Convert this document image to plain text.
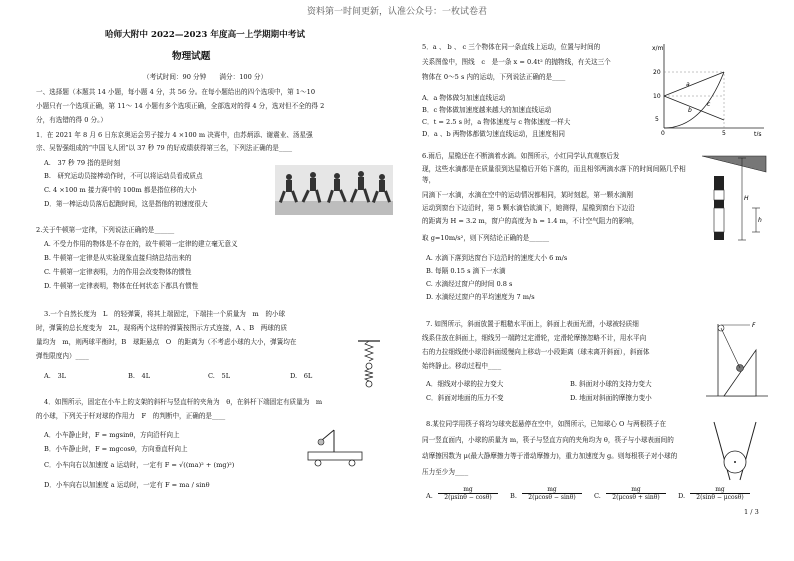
资料第一时间更新，认准公众号：一枚试卷君
哈师大附中 2022—2023 年度高一上学期期中考试
物理试题
（考试时间：90 分钟　　满分：100 分）
一、选择题（本题共 14 小题，每小题 4 分，共 56 分。在每小题给出的四个选项中，第 1～10
小题只有一个选项正确，第 11～ 14 小题有多个选项正确，全部选对的得 4 分，选对但不全的得 2
分，有选错的得 0 分。）
1．在 2021 年 8 月 6 日东京奥运会男子接力 4 ×100 m 决赛中，由苏炳添、谢震业、汤星强
宗、吴智强组成的“中国飞人团”以 37 秒 79 的好成绩获得第三名，下列法正确的是____
A.　37 秒 79 指的是时刻
B.　研究运动员接棒动作时，不可以将运动员看成质点
C. 4 ×100 m 接力赛中的 100m 都是指位移的大小
D．第一棒运动员落后起跑时间，这是指他的初速度很大
2.关于牛顿第一定律，下列说法正确的是______
A. 不受力作用的物体是不存在的，故牛顿第一定律的建立毫无意义
B. 牛顿第一定律是从实验现象直接归纳总结出来的
C. 牛顿第一定律表明，力的作用会改变物体的惯性
D. 牛顿第一定律表明，物体在任何状态下都具有惯性
3.一个自然长度为　L　的轻弹簧，将其上端固定，下端挂一个质量为　m　的小球
时，弹簧的总长度变为　2L，现将两个这样的弹簧按图示方式连接，A 、B　两球的质
量均为　m，则两球平衡时，B　球距悬点　O　的距离为（不考虑小球的大小，弹簧均在
弹性限度内）____
A.　3L	B.　4L	C.　5L	D.　6L
4．如图所示，固定在小车上的支架的斜杆与竖直杆的夹角为　θ，在斜杆下端固定有质量为　m
的小球，下列关于杆对球的作用力　F　的判断中，正确的是____
A．小车静止时，F = mgsinθ，方向沿杆向上
B．小车静止时，F = mgcosθ，方向垂直杆向上
C．小车向右以加速度 a 运动时，一定有 F = √((ma)² + (mg)²)
D．小车向右以加速度 a 运动时，一定有 F = ma / sinθ
5．a 、 b 、 c 三个物体在同一条直线上运动，位置与时间的
关系图像中，图线　c　是一条 x = 0.4t² 的抛物线，有关这三个
物体在 0～5 s 内的运动，下列说法正确的是____
A．a 物体做匀加速直线运动
B．c 物体做加速度越来越大的加速直线运动
C．t = 2.5 s 时，a 物体速度与 c 物体速度一样大
D．a 、b 两物体都做匀速直线运动，且速度相同
x/m
t/s
20
10
5
0	5
a
b
c
6.雨后，屋檐还在不断滴着水滴。如图所示，小红同学认真观察后发
现，这些水滴都是在质量很到达屋檐后开始下落的，而且相邻两滴水落下的时间间隔几乎相等，
同滴下一水滴，水滴在空中的运动情况都相同，某时刻起，第一颗水滴刚
运动到窗台下边沿时，第 5 颗水滴恰欲滴下，她测得，屋檐到窗台下边沿
的距离为 H = 3.2 m，窗户的高度为 h = 1.4 m，不计空气阻力的影响，
取 g=10m/s²，则下列结论正确的是______
A. 水滴下落到达窗台下边沿时的速度大小 6 m/s
B. 每隔 0.15 s 滴下一水滴
C. 水滴经过窗户的时间 0.8 s
D. 水滴经过窗户的平均速度为 7 m/s
H
h
7. 如图所示，斜面放置于粗糙水平面上，斜面上表面光滑，小球被轻质细
线系住放在斜面上，细线另一端跨过定滑轮，定滑轮摩擦忽略不计，用水平向
右的力拉细线使小球沿斜面缓慢向上移动一小段距离（球未离开斜面），斜面体
始终静止。移动过程中____
A．细线对小球的拉力变大	B. 斜面对小球的支持力变大
C．斜面对地面的压力不变	D. 地面对斜面的摩擦力变小
F
8.某位同学用筷子将均匀球夹起悬停在空中，如图所示，已知球心 O 与两根筷子在
同一竖直面内，小球的质量为 m，筷子与竖直方向的夹角均为 θ，筷子与小球表面间的
动摩擦因数为 μ(最大静摩擦力等于滑动摩擦力)，重力加速度为 g。则每根筷子对小球的
压力至少为____
A. $\frac{mg}{2(\mu\sin\theta - \cos\theta)} B$. $\frac{mg}{2(\mu\cos\theta - \sin\theta)} C$. $\frac{mg}{2(\mu\cos\theta + \sin\theta)} D$. $\frac{mg}{2(\sin\theta - \mu\cos\theta)}$
1 / 3
